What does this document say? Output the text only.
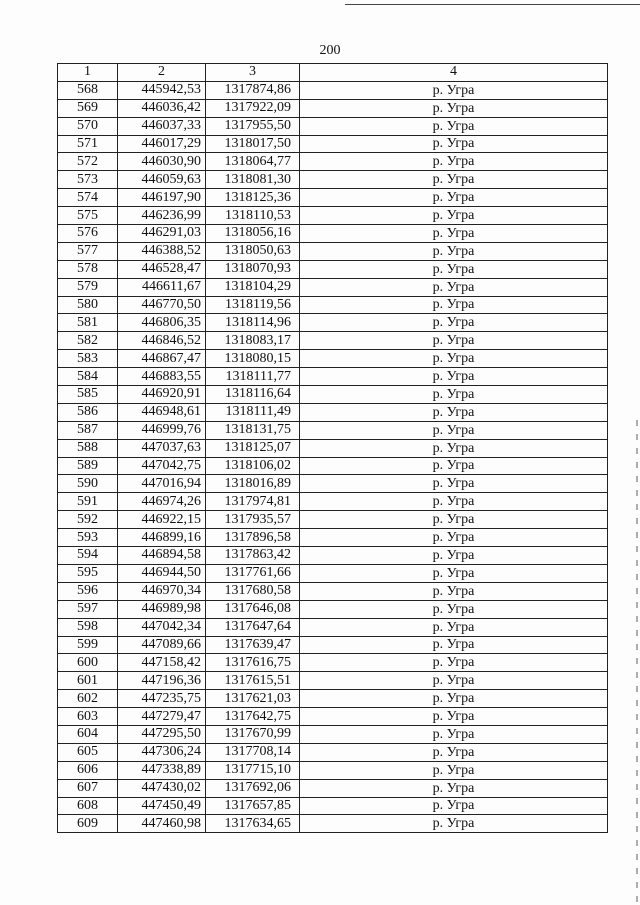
200
1	2	3	4
568	445942,53	1317874,86	р. Угра
569	446036,42	1317922,09	р. Угра
570	446037,33	1317955,50	р. Угра
571	446017,29	1318017,50	р. Угра
572	446030,90	1318064,77	р. Угра
573	446059,63	1318081,30	р. Угра
574	446197,90	1318125,36	р. Угра
575	446236,99	1318110,53	р. Угра
576	446291,03	1318056,16	р. Угра
577	446388,52	1318050,63	р. Угра
578	446528,47	1318070,93	р. Угра
579	446611,67	1318104,29	р. Угра
580	446770,50	1318119,56	р. Угра
581	446806,35	1318114,96	р. Угра
582	446846,52	1318083,17	р. Угра
583	446867,47	1318080,15	р. Угра
584	446883,55	1318111,77	р. Угра
585	446920,91	1318116,64	р. Угра
586	446948,61	1318111,49	р. Угра
587	446999,76	1318131,75	р. Угра
588	447037,63	1318125,07	р. Угра
589	447042,75	1318106,02	р. Угра
590	447016,94	1318016,89	р. Угра
591	446974,26	1317974,81	р. Угра
592	446922,15	1317935,57	р. Угра
593	446899,16	1317896,58	р. Угра
594	446894,58	1317863,42	р. Угра
595	446944,50	1317761,66	р. Угра
596	446970,34	1317680,58	р. Угра
597	446989,98	1317646,08	р. Угра
598	447042,34	1317647,64	р. Угра
599	447089,66	1317639,47	р. Угра
600	447158,42	1317616,75	р. Угра
601	447196,36	1317615,51	р. Угра
602	447235,75	1317621,03	р. Угра
603	447279,47	1317642,75	р. Угра
604	447295,50	1317670,99	р. Угра
605	447306,24	1317708,14	р. Угра
606	447338,89	1317715,10	р. Угра
607	447430,02	1317692,06	р. Угра
608	447450,49	1317657,85	р. Угра
609	447460,98	1317634,65	р. Угра
